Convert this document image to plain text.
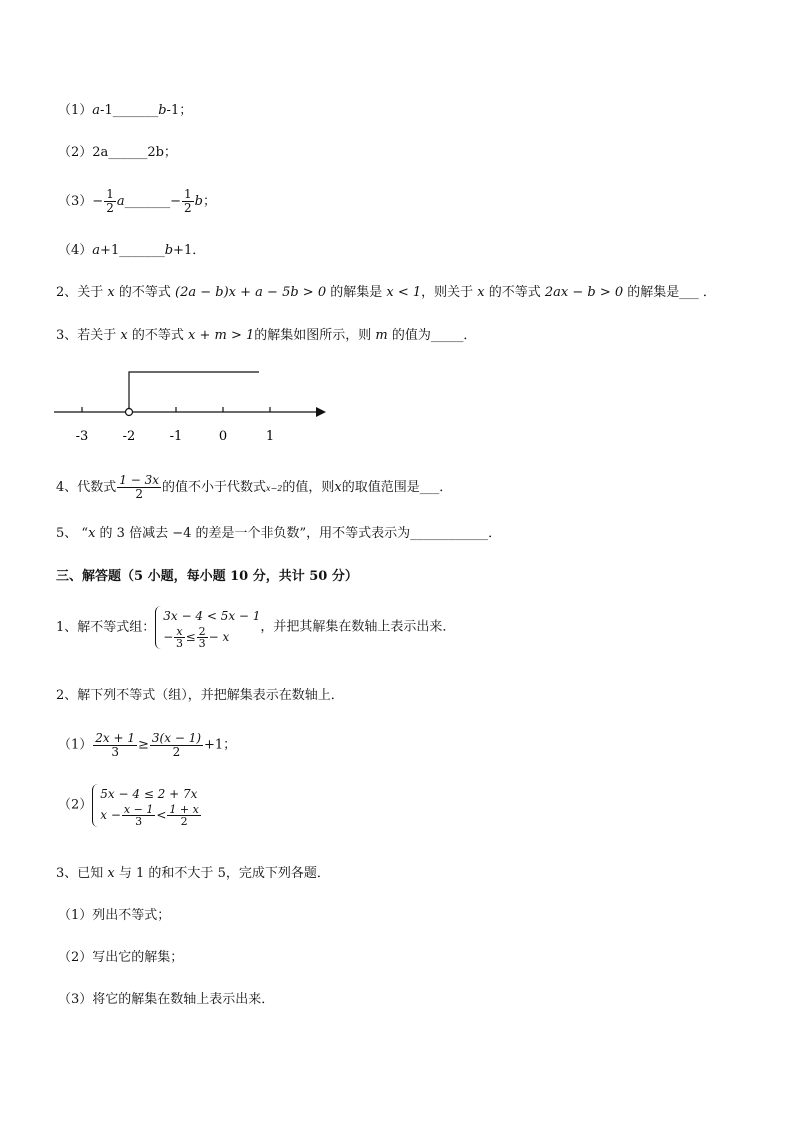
（1）a-1_______b-1；
（2）2a______2b；
$(3)- \frac{1}{2}$ a_______− $\frac{1}{2}$ b；
（4）a+1_______b+1．
2、关于 x 的不等式 (2a − b)x + a − 5b > 0 的解集是 x < 1，则关于 x 的不等式 2ax − b > 0 的解集是___ ．
3、若关于 x 的不等式 x + m > 1的解集如图所示，则 m 的值为_____．
-3	-2	-1	0	1
4、代数式 $\frac{1 - 3x}{2}$ 的值不小于代数式x−2的值，则x的取值范围是___．
5、 “x 的 3 倍减去 −4 的差是一个非负数”，用不等式表示为____________．
三、解答题（5 小题，每小题 10 分，共计 50 分）
1、解不等式组：
3x − 4 < 5x − 1
− $\frac{x}{3} \le \frac{2}{3} - x$
，并把其解集在数轴上表示出来．
2、解下列不等式（组），并把解集表示在数轴上．
$(1) \frac{2x + 1}{3} \ge \frac{3(x - 1)}{2} +1$；
（2）
5x − 4 ≤ 2 + 7x
$x - \frac{x - 1}{3} < \frac{1 + x}{2}$
3、已知 x 与 1 的和不大于 5，完成下列各题．
（1）列出不等式；
（2）写出它的解集；
（3）将它的解集在数轴上表示出来．
